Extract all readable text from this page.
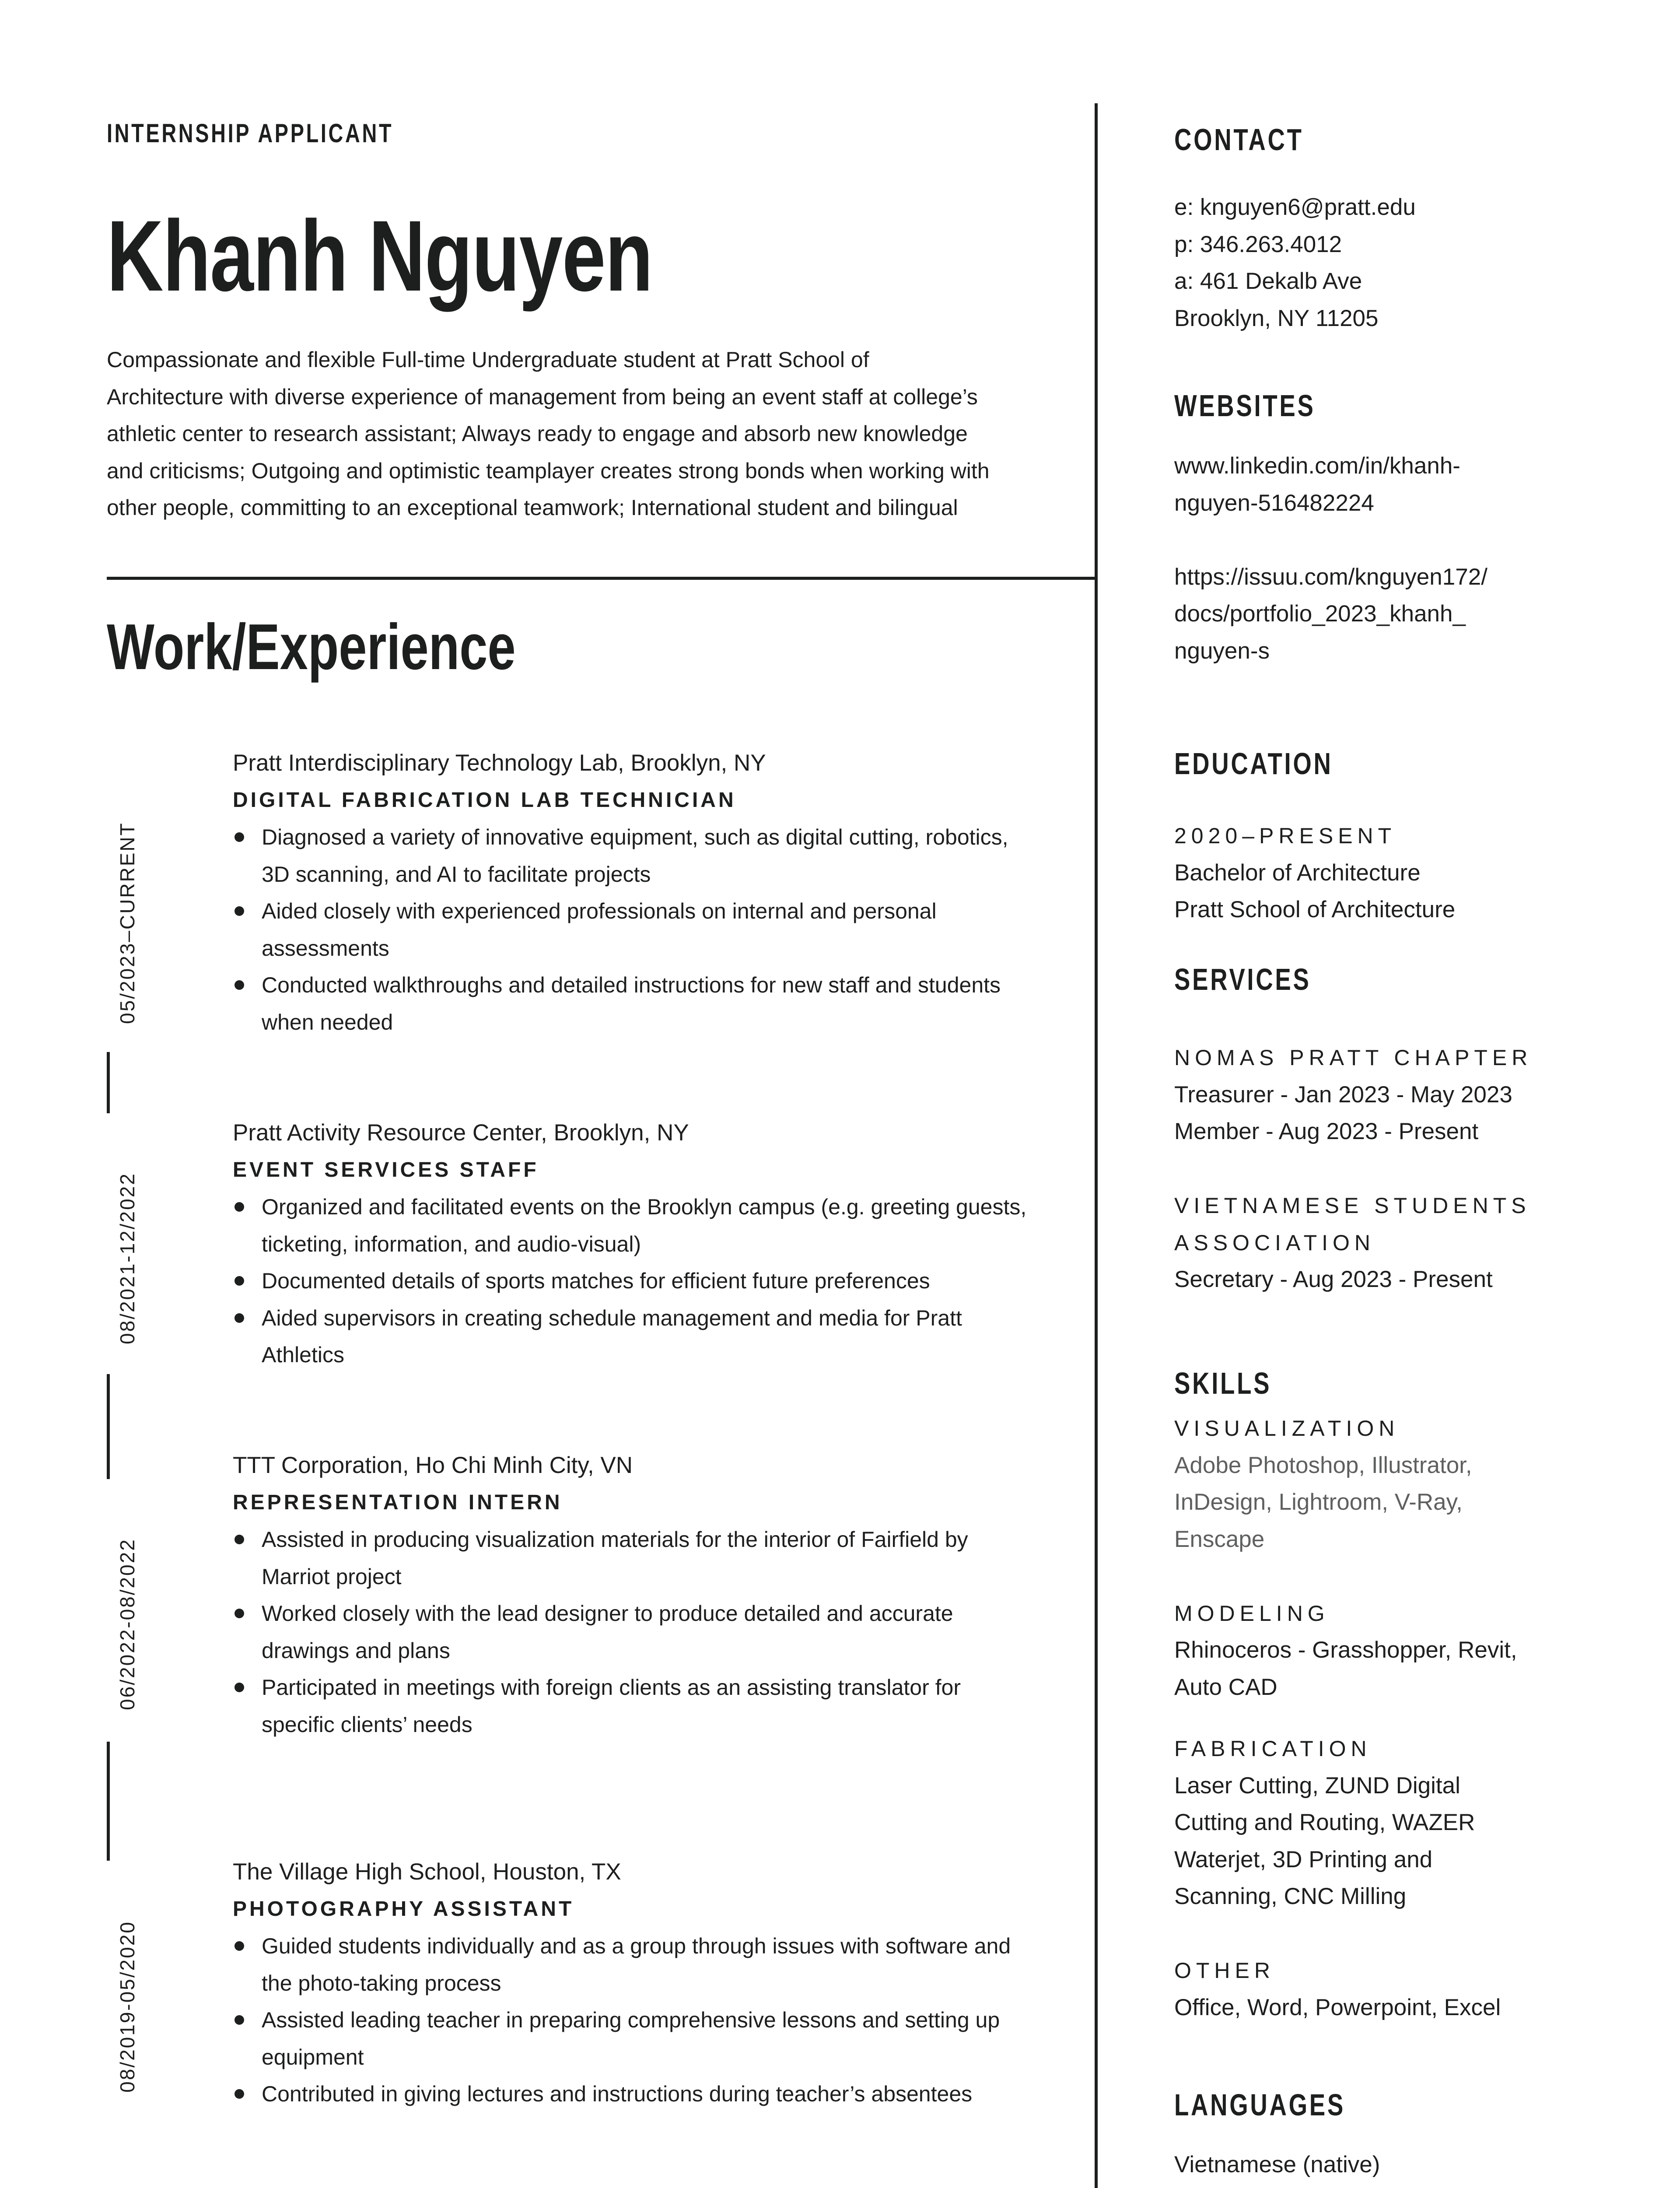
INTERNSHIP APPLICANT
Khanh Nguyen
Compassionate and flexible Full-time Undergraduate student at Pratt School of Architecture with diverse experience of management from being an event staff at college’s athletic center to research assistant; Always ready to engage and absorb new knowledge and criticisms; Outgoing and optimistic teamplayer creates strong bonds when working with other people, committing to an exceptional teamwork; International student and bilingual
Work/Experience
Pratt Interdisciplinary Technology Lab, Brooklyn, NY
DIGITAL FABRICATION LAB TECHNICIAN
Diagnosed a variety of innovative equipment, such as digital cutting, robotics, 3D scanning, and AI to facilitate projects
Aided closely with experienced professionals on internal and personal assessments
Conducted walkthroughs and detailed instructions for new staff and students when needed
Pratt Activity Resource Center, Brooklyn, NY
EVENT SERVICES STAFF
Organized and facilitated events on the Brooklyn campus (e.g. greeting guests, ticketing, information, and audio-visual)
Documented details of sports matches for efficient future preferences
Aided supervisors in creating schedule management and media for Pratt Athletics
TTT Corporation, Ho Chi Minh City, VN
REPRESENTATION INTERN
Assisted in producing visualization materials for the interior of Fairfield by Marriot project
Worked closely with the lead designer to produce detailed and accurate drawings and plans
Participated in meetings with foreign clients as an assisting translator for specific clients’ needs
The Village High School, Houston, TX
PHOTOGRAPHY ASSISTANT
Guided students individually and as a group through issues with software and the photo-taking process
Assisted leading teacher in preparing comprehensive lessons and setting up equipment
Contributed in giving lectures and instructions during teacher’s absentees
05/2023–CURRENT
08/2021-12/2022
06/2022-08/2022
08/2019-05/2020
CONTACT
e: knguyen6@pratt.edu
p: 346.263.4012
a: 461 Dekalb Ave
Brooklyn, NY 11205
WEBSITES
www.linkedin.com/in/khanh-
nguyen-516482224
https://issuu.com/knguyen172/
docs/portfolio_2023_khanh_
nguyen-s
EDUCATION
2020–PRESENT
Bachelor of Architecture
Pratt School of Architecture
SERVICES
NOMAS PRATT CHAPTER
Treasurer - Jan 2023 - May 2023
Member - Aug 2023 - Present
VIETNAMESE STUDENTS
ASSOCIATION
Secretary - Aug 2023 - Present
SKILLS
VISUALIZATION
Adobe Photoshop, Illustrator,
InDesign, Lightroom, V-Ray,
Enscape
MODELING
Rhinoceros - Grasshopper, Revit,
Auto CAD
FABRICATION
Laser Cutting, ZUND Digital
Cutting and Routing, WAZER
Waterjet, 3D Printing and
Scanning, CNC Milling
OTHER
Office, Word, Powerpoint, Excel
LANGUAGES
Vietnamese (native)
